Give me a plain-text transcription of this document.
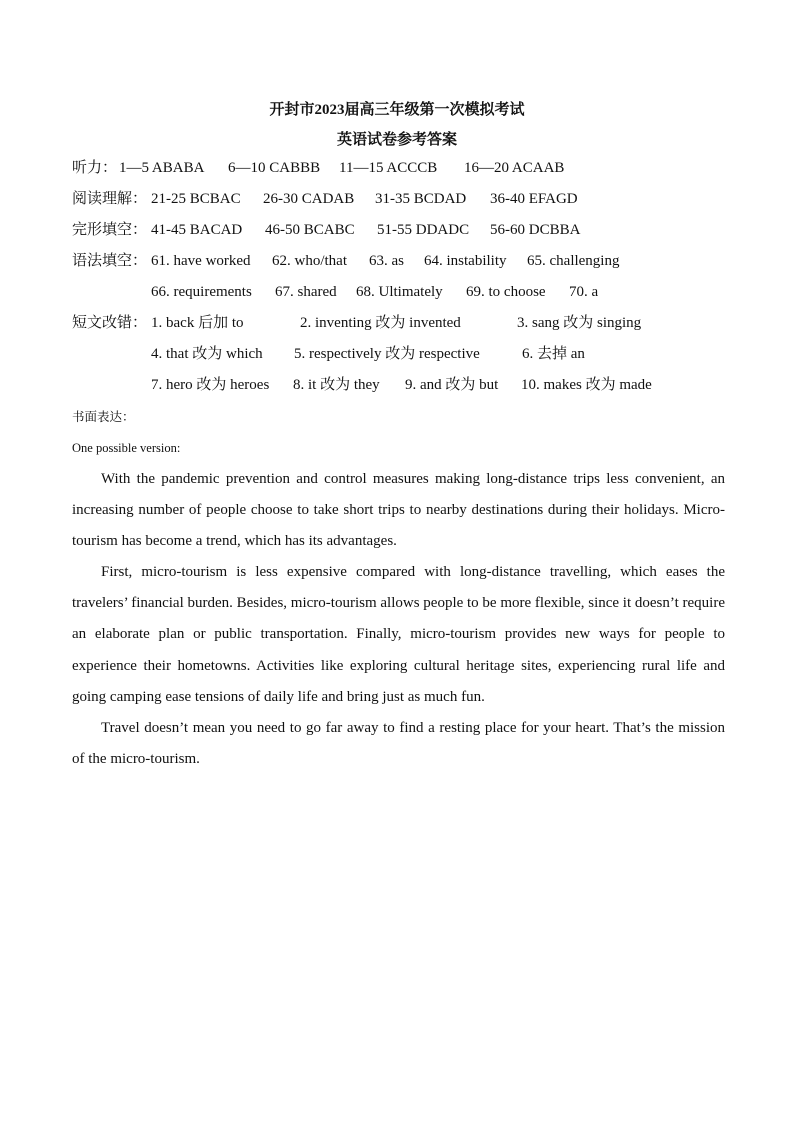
开封市2023届高三年级第一次模拟考试
英语试卷参考答案
听力： 1—5 ABABA 6—10 CABBB 11—15 ACCCB 16—20 ACAAB
阅读理解： 21-25 BCBAC 26-30 CADAB 31-35 BCDAD 36-40 EFAGD
完形填空： 41-45 BACAD 46-50 BCABC 51-55 DDADC 56-60 DCBBA
语法填空： 61. have worked 62. who/that 63. as 64. instability 65. challenging
66. requirements 67. shared 68. Ultimately 69. to choose 70. a
短文改错： 1. back 后加 to	2. inventing 改为 invented	3. sang 改为 singing
4. that 改为 which 5. respectively 改为 respective	6. 去掉 an
7. hero 改为 heroes 8. it 改为 they 9. and 改为 but 10. makes 改为 made
书面表达：
One possible version:

With the pandemic prevention and control measures making long-distance trips less convenient, an increasing number of people choose to take short trips to nearby destinations during their holidays. Micro-tourism has become a trend, which has its advantages.

First, micro-tourism is less expensive compared with long-distance travelling, which eases the travelers’ financial burden. Besides, micro-tourism allows people to be more flexible, since it doesn’t require an elaborate plan or public transportation. Finally, micro-tourism provides new ways for people to experience their hometowns. Activities like exploring cultural heritage sites, experiencing rural life and going camping ease tensions of daily life and bring just as much fun.

Travel doesn’t mean you need to go far away to find a resting place for your heart. That’s the mission of the micro-tourism.
